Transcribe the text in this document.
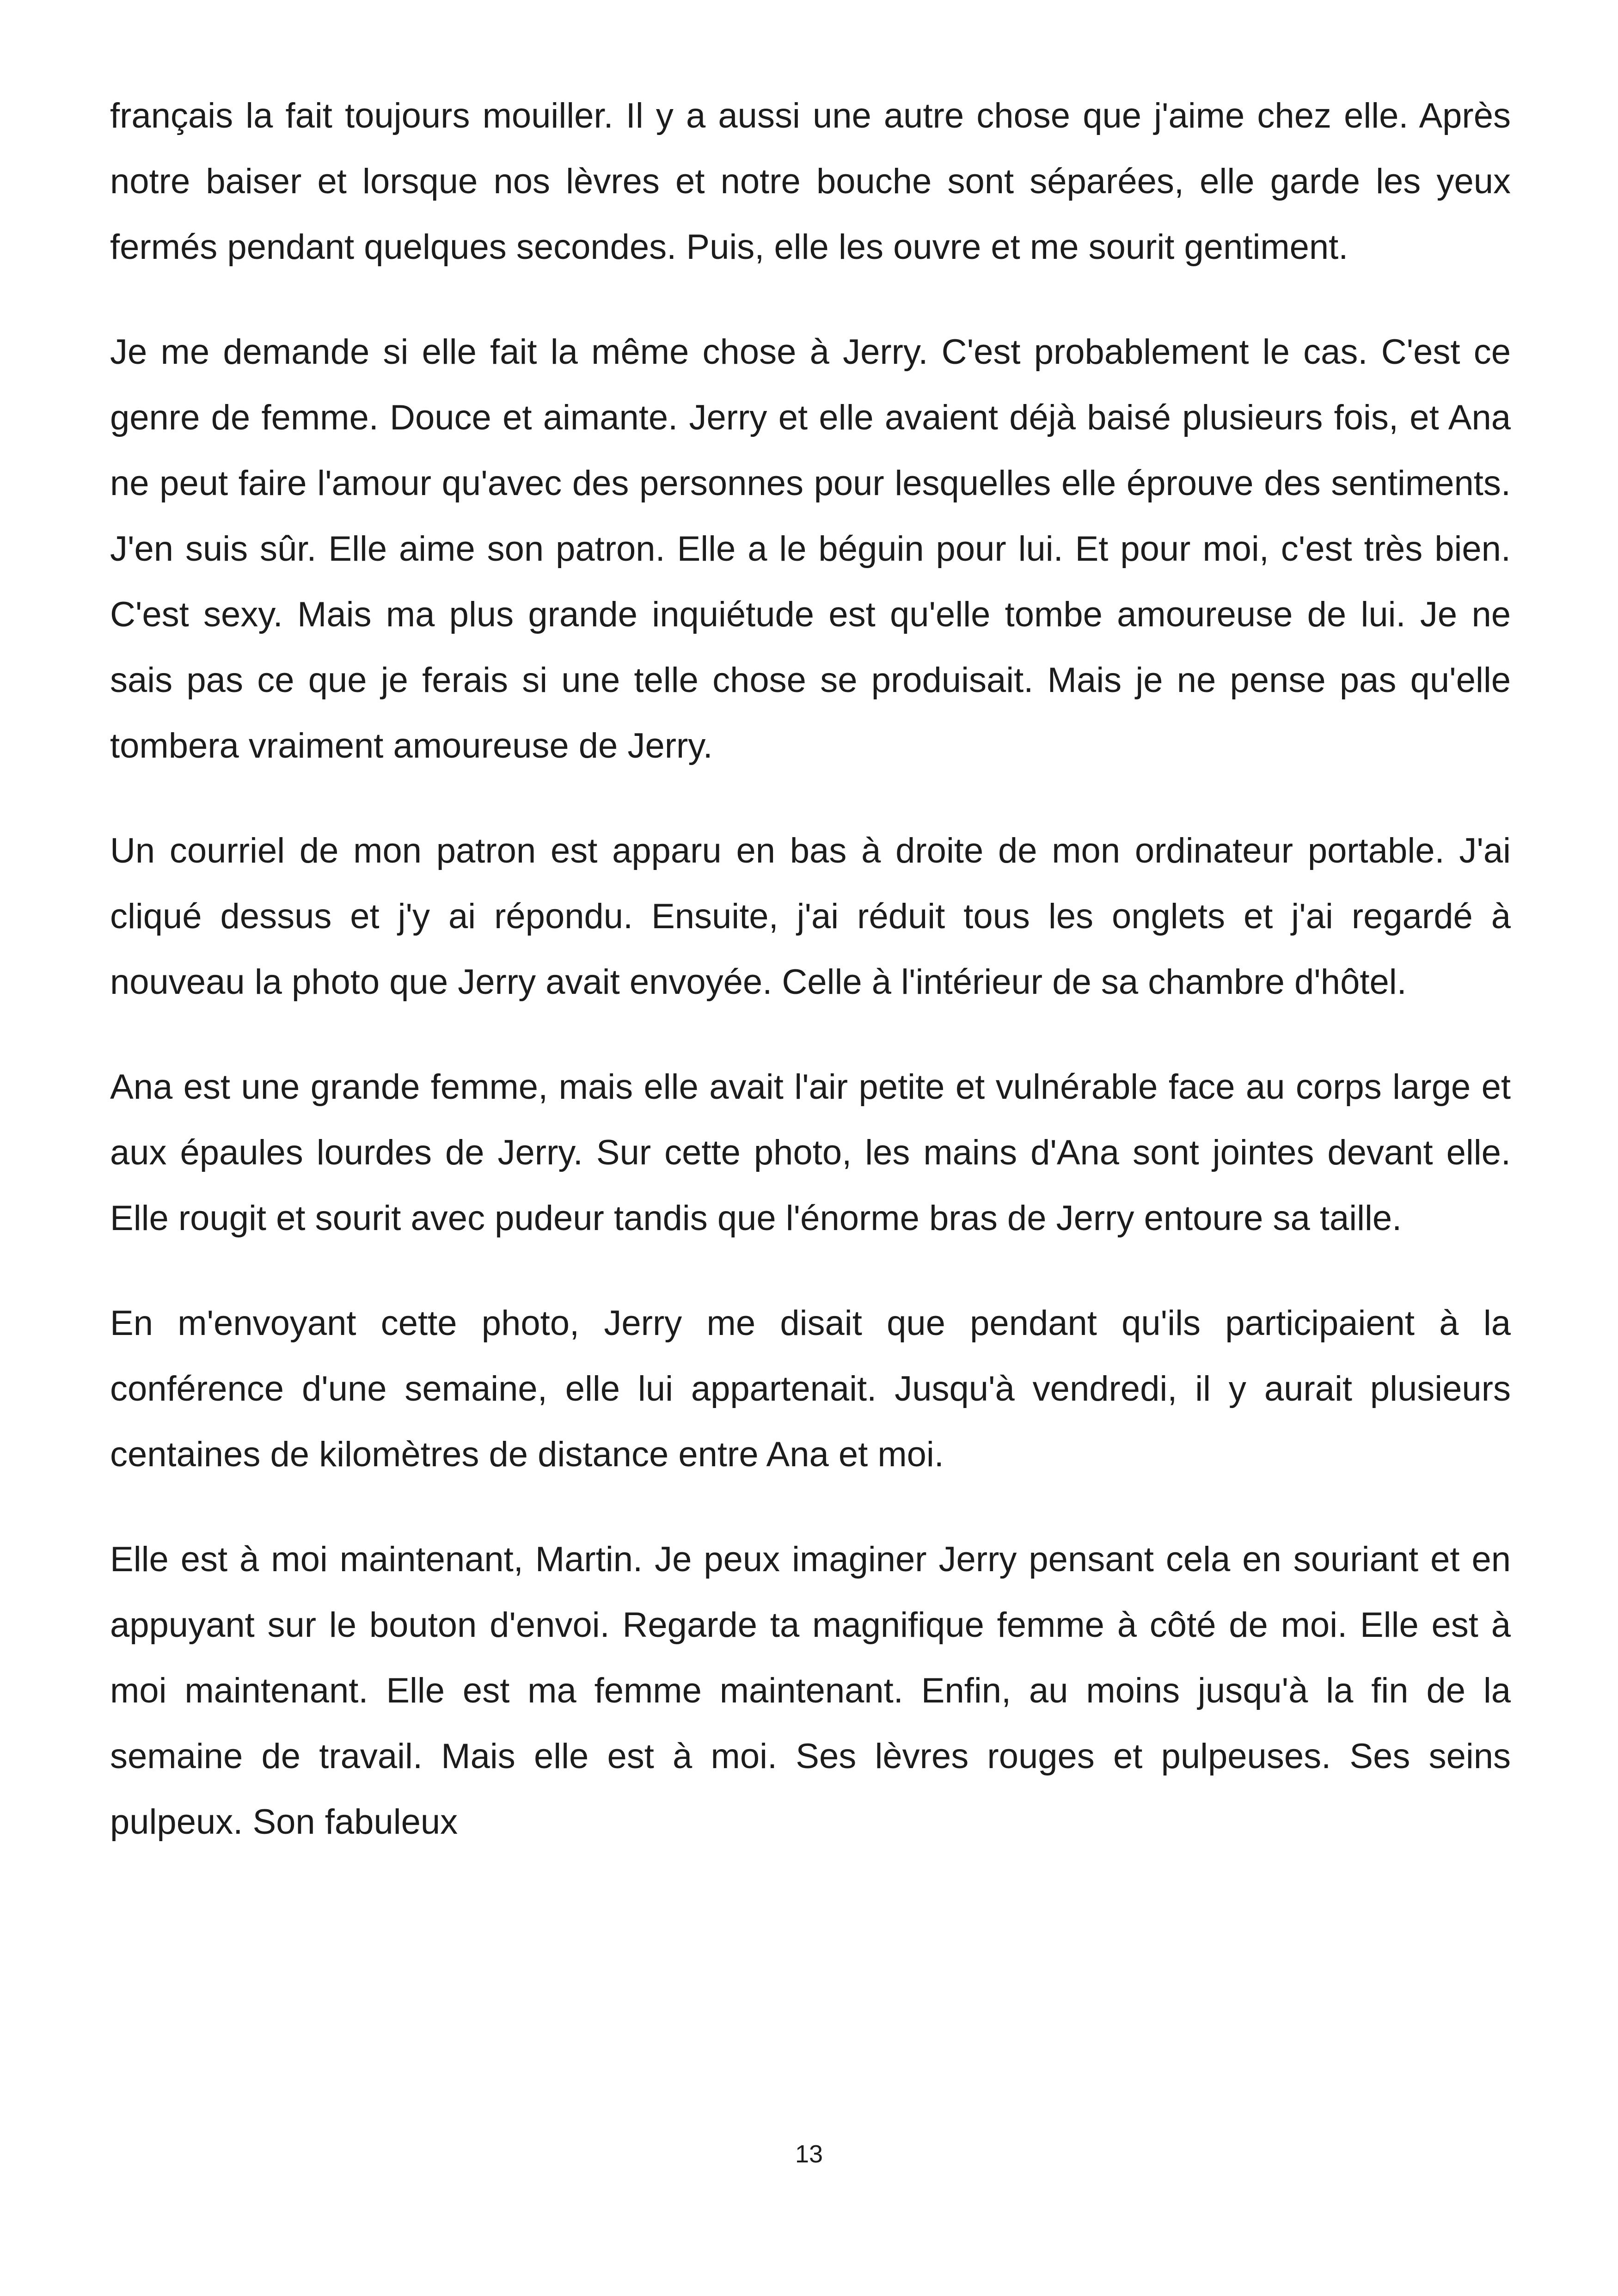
français la fait toujours mouiller. Il y a aussi une autre chose que j'aime chez elle. Après notre baiser et lorsque nos lèvres et notre bouche sont séparées, elle garde les yeux fermés pendant quelques secondes. Puis, elle les ouvre et me sourit gentiment.

Je me demande si elle fait la même chose à Jerry. C'est probablement le cas. C'est ce genre de femme. Douce et aimante. Jerry et elle avaient déjà baisé plusieurs fois, et Ana ne peut faire l'amour qu'avec des personnes pour lesquelles elle éprouve des sentiments. J'en suis sûr. Elle aime son patron. Elle a le béguin pour lui. Et pour moi, c'est très bien. C'est sexy. Mais ma plus grande inquiétude est qu'elle tombe amoureuse de lui. Je ne sais pas ce que je ferais si une telle chose se produisait. Mais je ne pense pas qu'elle tombera vraiment amoureuse de Jerry.

Un courriel de mon patron est apparu en bas à droite de mon ordinateur portable. J'ai cliqué dessus et j'y ai répondu. Ensuite, j'ai réduit tous les onglets et j'ai regardé à nouveau la photo que Jerry avait envoyée. Celle à l'intérieur de sa chambre d'hôtel.

Ana est une grande femme, mais elle avait l'air petite et vulnérable face au corps large et aux épaules lourdes de Jerry. Sur cette photo, les mains d'Ana sont jointes devant elle. Elle rougit et sourit avec pudeur tandis que l'énorme bras de Jerry entoure sa taille.

En m'envoyant cette photo, Jerry me disait que pendant qu'ils participaient à la conférence d'une semaine, elle lui appartenait. Jusqu'à vendredi, il y aurait plusieurs centaines de kilomètres de distance entre Ana et moi.

Elle est à moi maintenant, Martin. Je peux imaginer Jerry pensant cela en souriant et en appuyant sur le bouton d'envoi. Regarde ta magnifique femme à côté de moi. Elle est à moi maintenant. Elle est ma femme maintenant. Enfin, au moins jusqu'à la fin de la semaine de travail. Mais elle est à moi. Ses lèvres rouges et pulpeuses. Ses seins pulpeux. Son fabuleux

13
